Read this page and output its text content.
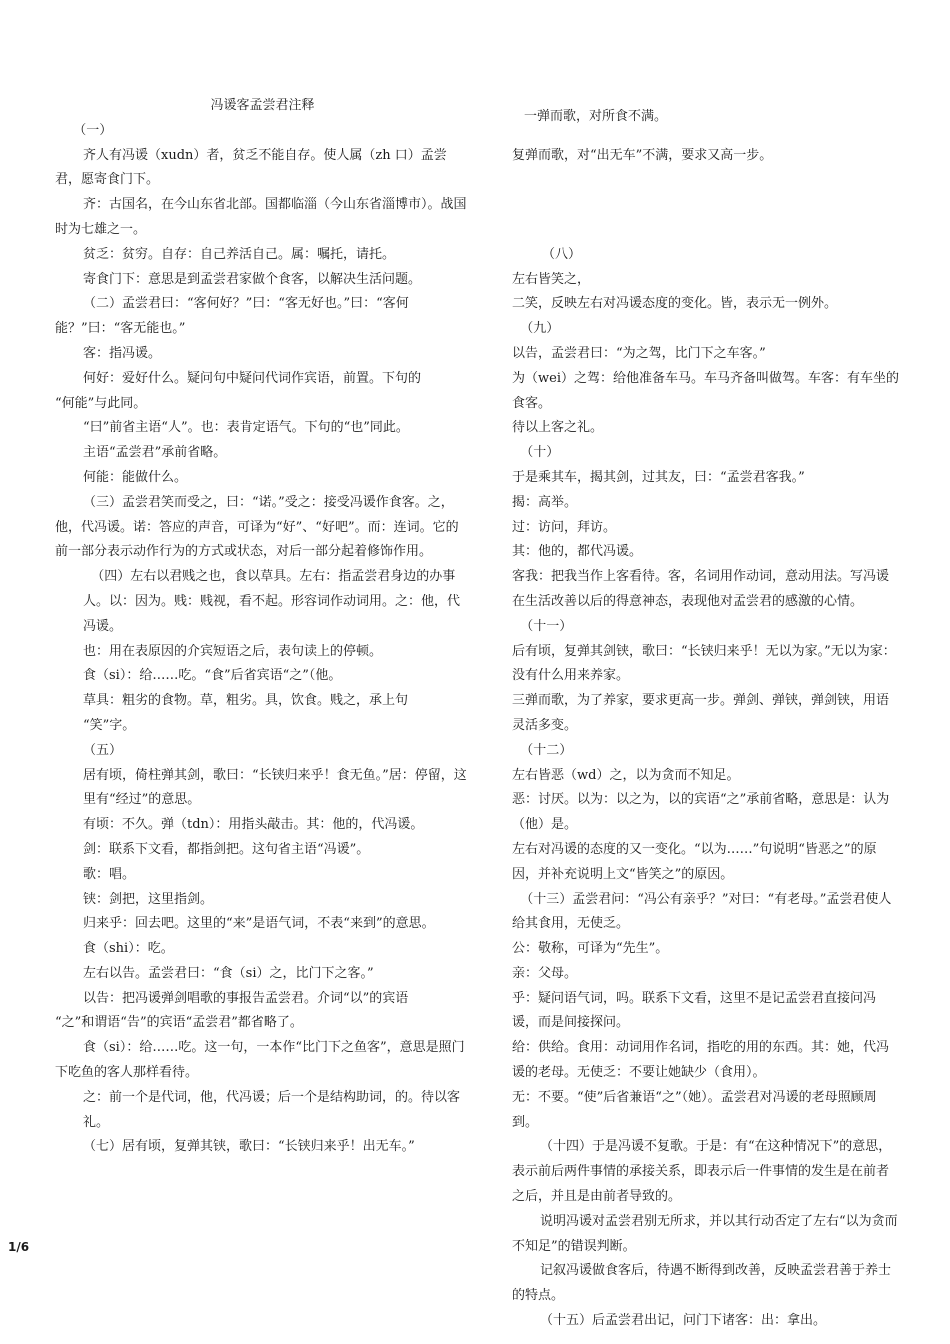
冯谖客孟尝君注释
（一）
齐人有冯谖（xudn）者，贫乏不能自存。使人属（zh 口）孟尝君，愿寄食门下。
齐：古国名，在今山东省北部。国都临淄（今山东省淄博市）。战国时为七雄之一。
贫乏：贫穷。自存：自己养活自己。属：嘱托，请托。
寄食门下：意思是到孟尝君家做个食客，以解决生活问题。
（二）孟尝君曰：“客何好？”曰：“客无好也。”曰：“客何能？”曰：“客无能也。”
客：指冯谖。
何好：爱好什么。疑问句中疑问代词作宾语，前置。下句的
“何能”与此同。
“曰”前省主语“人”。也：表肯定语气。下句的“也”同此。
主语“孟尝君”承前省略。
何能：能做什么。
（三）孟尝君笑而受之，曰：“诺。”受之：接受冯谖作食客。之，他，代冯谖。诺：答应的声音，可译为“好”、“好吧”。而：连词。它的前一部分表示动作行为的方式或状态，对后一部分起着修饰作用。
（四）左右以君贱之也，食以草具。左右：指孟尝君身边的办事人。以：因为。贱：贱视，看不起。形容词作动词用。之：他，代冯谖。
也：用在表原因的介宾短语之后，表句读上的停顿。
食（si）：给……吃。“食”后省宾语“之”（他。
草具：粗劣的食物。草，粗劣。具，饮食。贱之，承上句
“笑”字。
（五）
居有顷，倚柱弹其剑，歌曰：“长铗归来乎！食无鱼。”居：停留，这里有“经过”的意思。
有顷：不久。弹（tdn）：用指头敲击。其：他的，代冯谖。
剑：联系下文看，都指剑把。这句省主语“冯谖”。
歌：唱。
铗：剑把，这里指剑。
归来乎：回去吧。这里的“来”是语气词，不表“来到”的意思。
食（shi）：吃。
左右以告。孟尝君曰：“食（si）之，比门下之客。”
以告：把冯谖弹剑唱歌的事报告孟尝君。介词“以”的宾语
“之”和谓语“告”的宾语“孟尝君”都省略了。
食（si）：给……吃。这一句，一本作“比门下之鱼客”，意思是照门下吃鱼的客人那样看待。
之：前一个是代词，他，代冯谖；后一个是结构助词，的。待以客礼。
（七）居有顷，复弹其铗，歌曰：“长铗归来乎！出无车。”

复弹而歌，对“出无车”不满，要求又高一步。

一弹而歌，对所食不满。

（八）
左右皆笑之，
二笑，反映左右对冯谖态度的变化。皆，表示无一例外。
（九）
以告，孟尝君曰：“为之驾，比门下之车客。”
为（wei）之驾：给他准备车马。车马齐备叫做驾。车客：有车坐的食客。
待以上客之礼。
（十）
于是乘其车，揭其剑，过其友，曰：“孟尝君客我。”
揭：高举。
过：访问，拜访。
其：他的，都代冯谖。
客我：把我当作上客看待。客，名词用作动词，意动用法。写冯谖在生活改善以后的得意神态，表现他对孟尝君的感激的心情。
（十一）
后有顷，复弹其剑铗，歌曰：“长铗归来乎！无以为家。”无以为家：没有什么用来养家。
三弹而歌，为了养家，要求更高一步。弹剑、弹铗，弹剑铗，用语灵活多变。
（十二）
左右皆恶（wd）之，以为贪而不知足。
恶：讨厌。以为：以之为，以的宾语“之”承前省略，意思是：认为（他）是。
左右对冯谖的态度的又一变化。“以为……”句说明“皆恶之”的原因，并补充说明上文“皆笑之”的原因。
（十三）孟尝君问：“冯公有亲乎？”对曰：“有老母。”孟尝君使人给其食用，无使乏。
公：敬称，可译为“先生”。
亲：父母。
乎：疑问语气词，吗。联系下文看，这里不是记孟尝君直接问冯谖，而是间接探问。
给：供给。食用：动词用作名词，指吃的用的东西。其：她，代冯谖的老母。无使乏：不要让她缺少（食用）。
无：不要。“使”后省兼语“之”（她）。孟尝君对冯谖的老母照顾周到。
（十四）于是冯谖不复歌。于是：有“在这种情况下”的意思，表示前后两件事情的承接关系，即表示后一件事情的发生是在前者之后，并且是由前者导致的。
说明冯谖对孟尝君别无所求，并以其行动否定了左右“以为贪而不知足”的错误判断。
记叙冯谖做食客后，待遇不断得到改善，反映孟尝君善于养士的特点。
（十五）后孟尝君出记，问门下诸客：出：拿出。
1/6
